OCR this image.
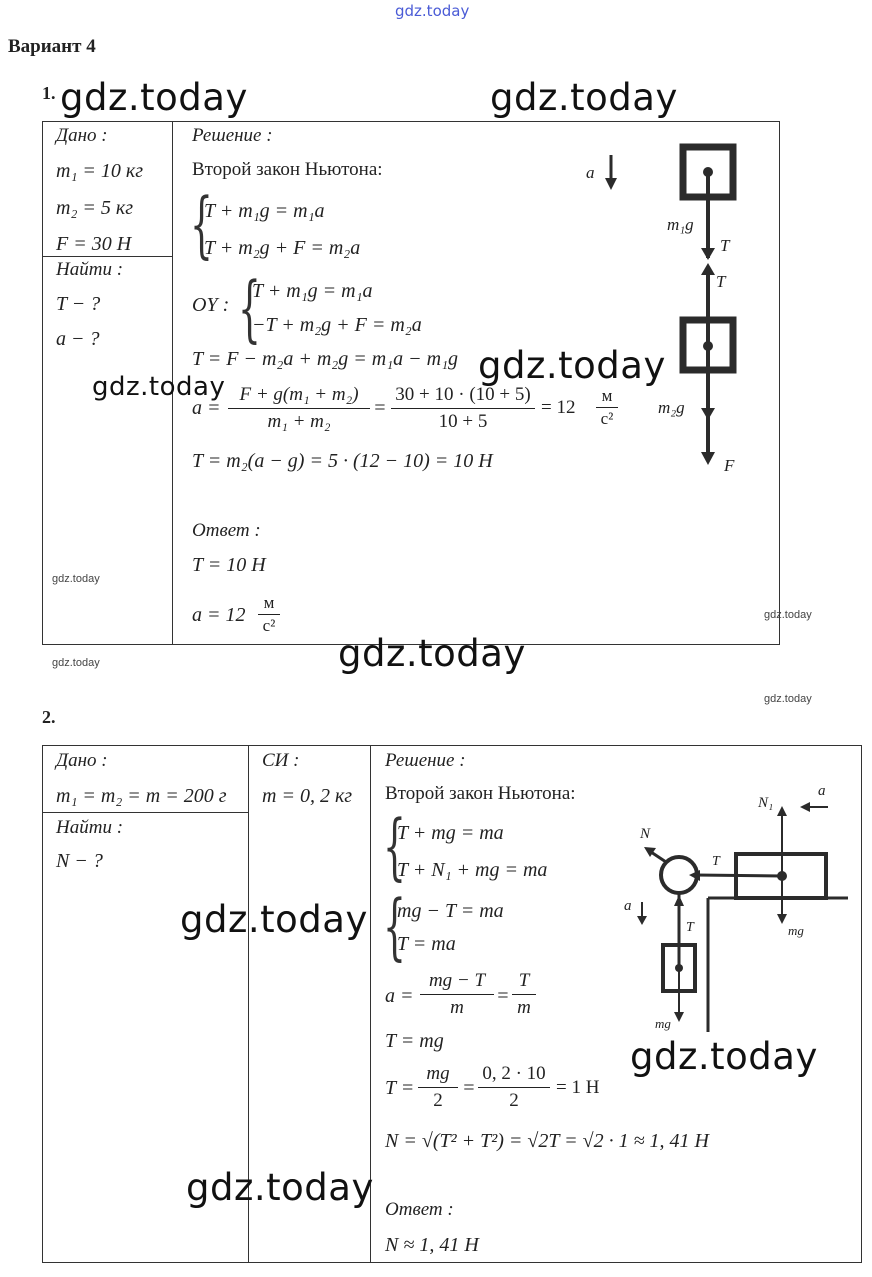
gdz.today
Вариант 4
1.
Дано :
m₁ = 10 кг
m₂ = 5 кг
F = 30 Н
Найти :
T − ?
a − ?
Решение :
Второй закон Ньютона:
{
T + m₁g = m₁a
T + m₂g + F = m₂a
OY : {
T + m₁g = m₁a
−T + m₂g + F = m₂a
T = F − m₂a + m₂g = m₁a − m₁g
a =
F + g(m₁ + m₂)
m₁ + m₂
=
30 + 10 · (10 + 5)
10 + 5
= 12
м
с²
T = m₂(a − g) = 5 · (12 − 10) = 10 Н
Ответ :
T = 10 Н
a = 12
м
с²
a
m₁g
T
T
m₂g
F
gdz.today	gdz.today
gdz.today
gdz.today
gdz.today
gdz.today
gdz.today	gdz.today
gdz.today
2.
Дано :
m₁ = m₂ = m = 200 г
Найти :
N − ?
СИ :
m = 0, 2 кг
Решение :
Второй закон Ньютона:
{
T + mg = ma
T + N₁ + mg = ma
{
mg − T = ma
T = ma
a =
mg − T
m
=
T
m
T = mg
T =
mg
2
=
0, 2 · 10
2
= 1 Н
N = √(T² + T²) = √2T = √2 · 1 ≈ 1, 41 Н
Ответ :
N ≈ 1, 41 Н
N₁
a
N
T
mg
a
T
mg
gdz.today
gdz.today
gdz.today
